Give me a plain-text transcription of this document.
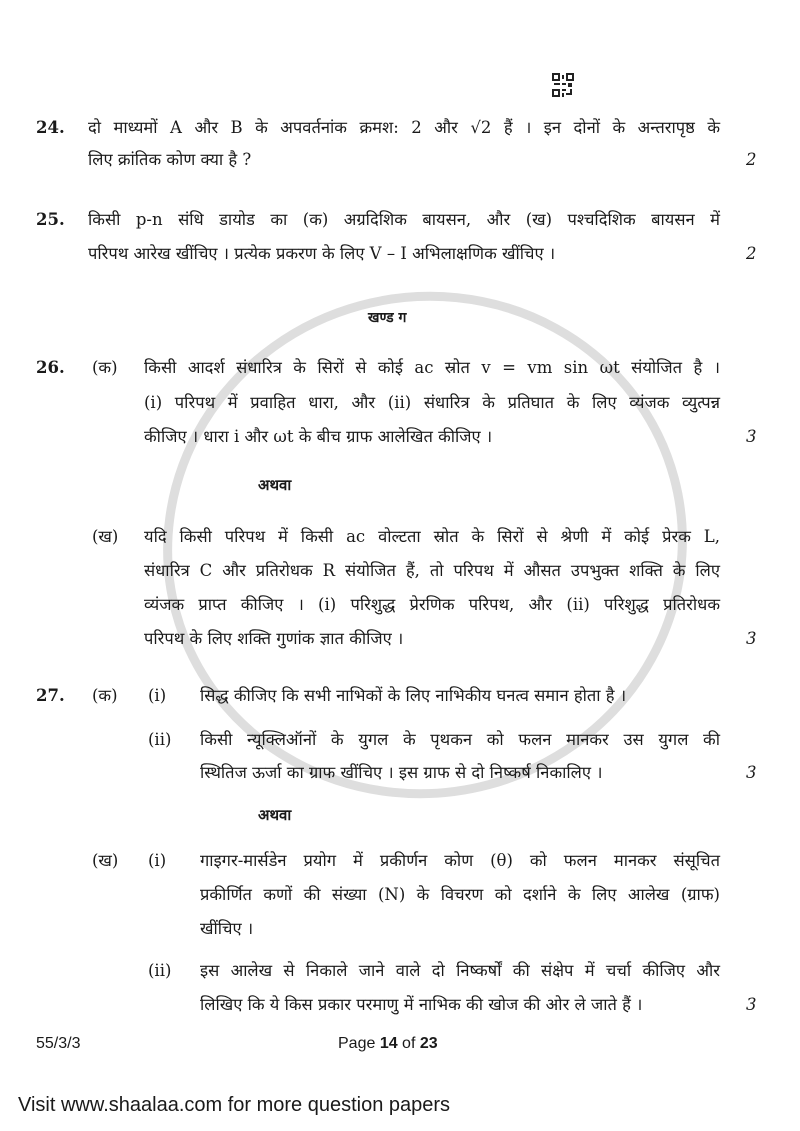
24. दो माध्यमों A और B के अपवर्तनांक क्रमश: 2 और √2 हैं । इन दोनों के अन्तरापृष्ठ के
लिए क्रांतिक कोण क्या है ?	2
25. किसी p-n संधि डायोड का (क) अग्रदिशिक बायसन, और (ख) पश्चदिशिक बायसन में
परिपथ आरेख खींचिए । प्रत्येक प्रकरण के लिए V – I अभिलाक्षणिक खींचिए ।	2
खण्ड ग
26. (क) किसी आदर्श संधारित्र के सिरों से कोई ac स्रोत v = vm sin ωt संयोजित है ।
(i) परिपथ में प्रवाहित धारा, और (ii) संधारित्र के प्रतिघात के लिए व्यंजक व्युत्पन्न
कीजिए । धारा i और ωt के बीच ग्राफ आलेखित कीजिए ।	3
अथवा
(ख) यदि किसी परिपथ में किसी ac वोल्टता स्रोत के सिरों से श्रेणी में कोई प्रेरक L,
संधारित्र C और प्रतिरोधक R संयोजित हैं, तो परिपथ में औसत उपभुक्त शक्ति के लिए
व्यंजक प्राप्त कीजिए । (i) परिशुद्ध प्रेरणिक परिपथ, और (ii) परिशुद्ध प्रतिरोधक
परिपथ के लिए शक्ति गुणांक ज्ञात कीजिए ।	3
27. (क) (i) सिद्ध कीजिए कि सभी नाभिकों के लिए नाभिकीय घनत्व समान होता है ।
(ii) किसी न्यूक्लिऑनों के युगल के पृथकन को फलन मानकर उस युगल की
स्थितिज ऊर्जा का ग्राफ खींचिए । इस ग्राफ से दो निष्कर्ष निकालिए ।	3
अथवा
(ख) (i) गाइगर-मार्सडेन प्रयोग में प्रकीर्णन कोण (θ) को फलन मानकर संसूचित
प्रकीर्णित कणों की संख्या (N) के विचरण को दर्शाने के लिए आलेख (ग्राफ)
खींचिए ।
(ii) इस आलेख से निकाले जाने वाले दो निष्कर्षों की संक्षेप में चर्चा कीजिए और
लिखिए कि ये किस प्रकार परमाणु में नाभिक की खोज की ओर ले जाते हैं ।	3
55/3/3	Page 14 of 23
Visit www.shaalaa.com for more question papers
